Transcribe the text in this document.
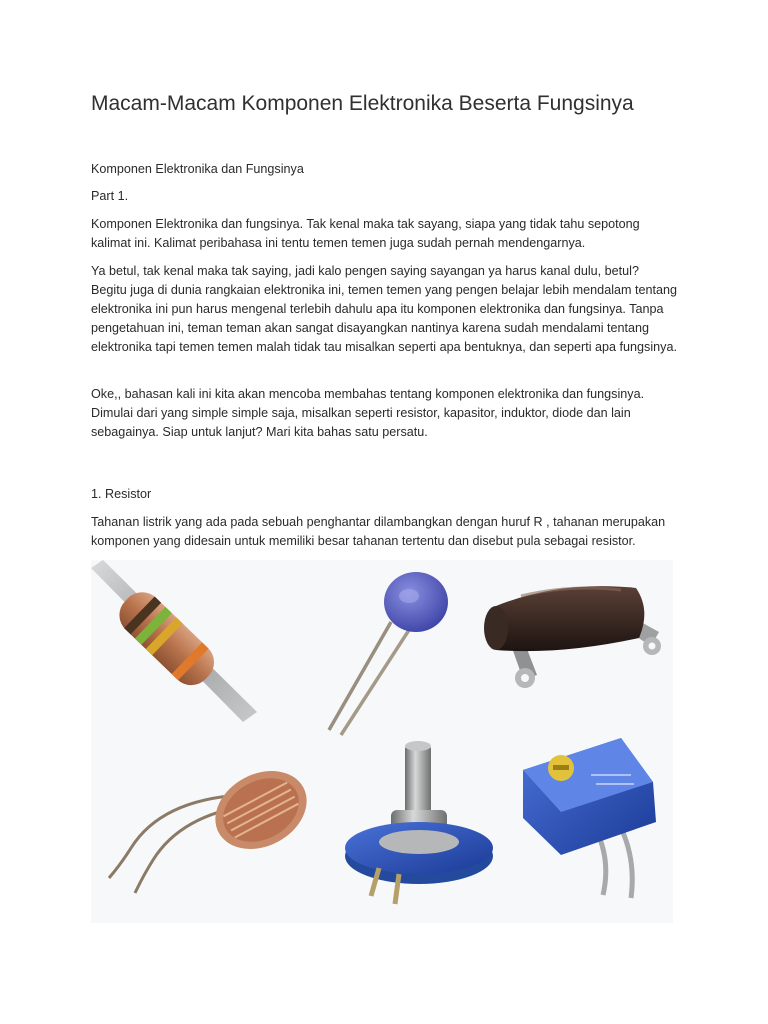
Macam-Macam Komponen Elektronika Beserta Fungsinya

Komponen Elektronika dan Fungsinya

Part 1.

Komponen Elektronika dan fungsinya. Tak kenal maka tak sayang, siapa yang tidak tahu sepotong kalimat ini. Kalimat peribahasa ini tentu temen temen juga sudah pernah mendengarnya.

Ya betul, tak kenal maka tak saying, jadi kalo pengen saying sayangan ya harus kanal dulu, betul? Begitu juga di dunia rangkaian elektronika ini, temen temen yang pengen belajar lebih mendalam tentang elektronika ini pun harus mengenal terlebih dahulu apa itu komponen elektronika dan fungsinya. Tanpa pengetahuan ini, teman teman akan sangat disayangkan nantinya karena sudah mendalami tentang elektronika tapi temen temen malah tidak tau misalkan seperti apa bentuknya, dan seperti apa fungsinya.

Oke,, bahasan kali ini kita akan mencoba membahas tentang komponen elektronika dan fungsinya. Dimulai dari yang simple simple saja, misalkan seperti resistor, kapasitor, induktor, diode dan lain sebagainya. Siap untuk lanjut? Mari kita bahas satu persatu.

1. Resistor

Tahanan listrik yang ada pada sebuah penghantar dilambangkan dengan huruf R , tahanan merupakan komponen yang didesain untuk memiliki besar tahanan tertentu dan disebut pula sebagai resistor.
